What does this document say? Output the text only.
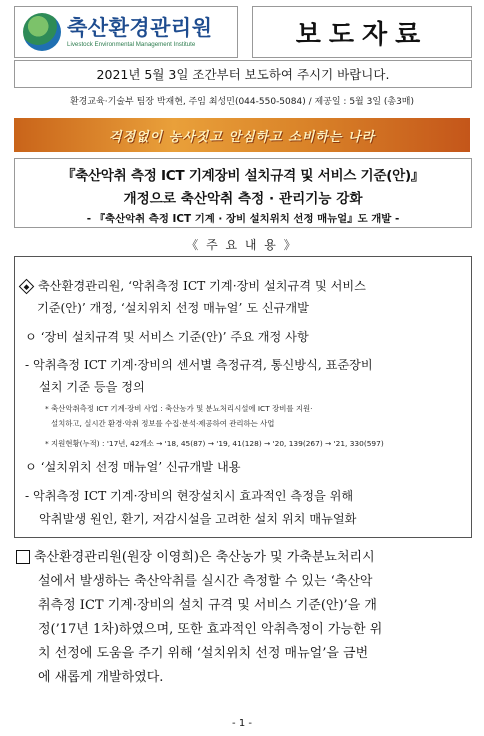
축산환경관리원
Livestock Environmental Management Institute	보도자료
2021년 5월 3일 조간부터 보도하여 주시기 바랍니다.
환경교육·기술부 팀장 박재현, 주임 최성민(044-550-5084) / 제공일 : 5월 3일 (총3매)
걱정없이 농사짓고 안심하고 소비하는 나라
『축산악취 측정 ICT 기계장비 설치규격 및 서비스 기준(안)』
개정으로 축산악취 측정 · 관리기능 강화
- 『축산악취 측정 ICT 기계 · 장비 설치위치 선정 매뉴얼』도 개발 -
《 주 요 내 용 》
축산환경관리원, ‘악취측정 ICT 기계·장비 설치규격 및 서비스
기준(안)’ 개정, ‘설치위치 선정 매뉴얼’ 도 신규개발
ㅇ ‘장비 설치규격 및 서비스 기준(안)’ 주요 개정 사항
- 악취측정 ICT 기계·장비의 센서별 측정규격, 통신방식, 표준장비
설치 기준 등을 정의
* 축산악취측정 ICT 기계·장비 사업 : 축산농가 및 분뇨처리시설에 ICT 장비를 지원·
설치하고, 실시간 환경·악취 정보를 수집·분석·제공하여 관리하는 사업
* 지원현황(누적) : '17년, 42개소 → '18, 45(87) → '19, 41(128) → '20, 139(267) → '21, 330(597)
ㅇ ‘설치위치 선정 매뉴얼’ 신규개발 내용
- 악취측정 ICT 기계·장비의 현장설치시 효과적인 측정을 위해
악취발생 원인, 환기, 저감시설을 고려한 설치 위치 매뉴얼화
축산환경관리원(원장 이영희)은 축산농가 및 가축분뇨처리시
설에서 발생하는 축산악취를 실시간 측정할 수 있는 ‘축산악
취측정 ICT 기계·장비의 설치 규격 및 서비스 기준(안)’을 개
정(’17년 1차)하였으며, 또한 효과적인 악취측정이 가능한 위
치 선정에 도움을 주기 위해 ‘설치위치 선정 매뉴얼’을 금번
에 새롭게 개발하였다.
- 1 -
